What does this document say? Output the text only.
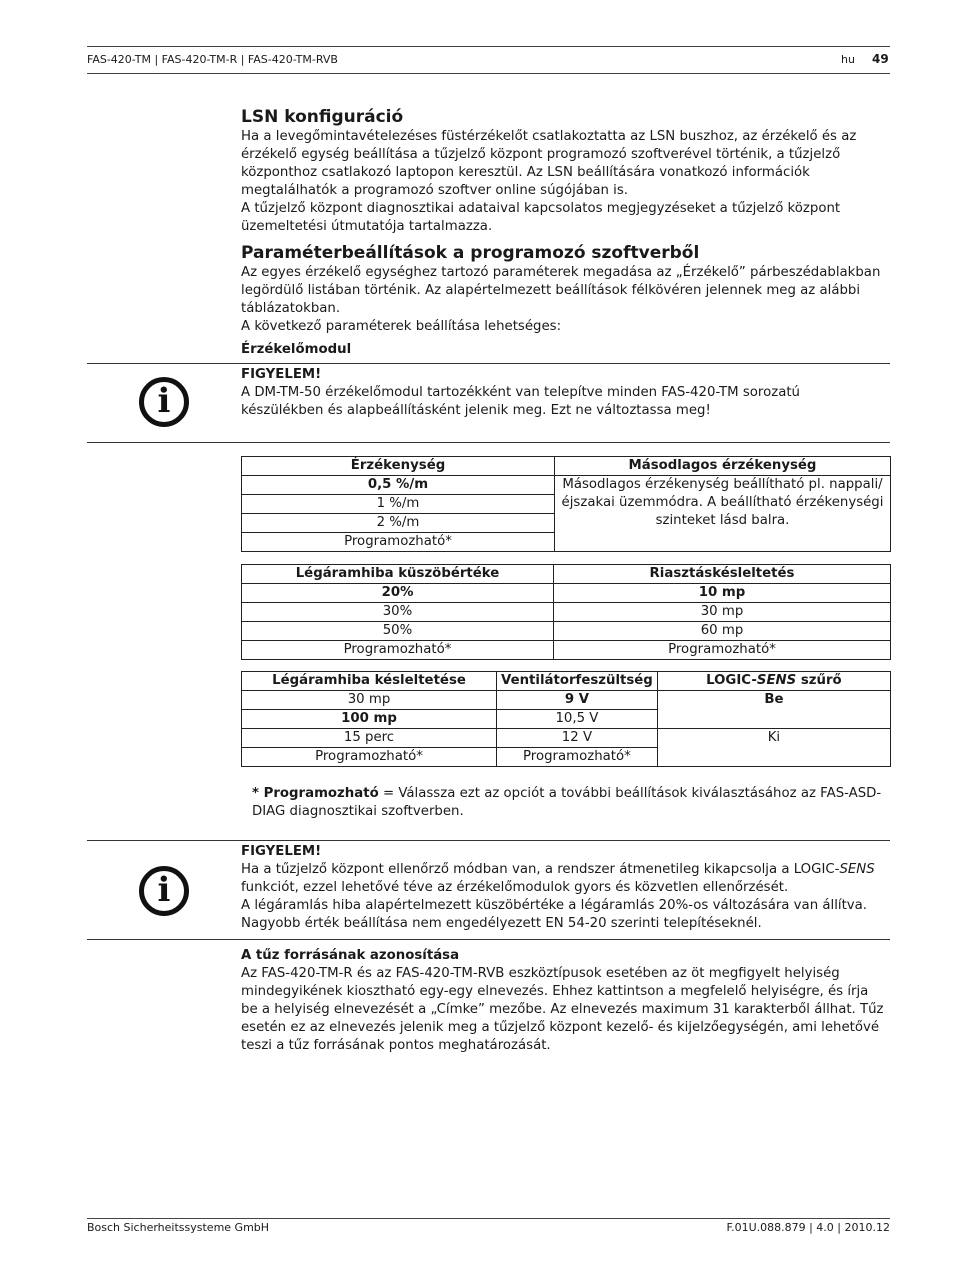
FAS-420-TM | FAS-420-TM-R | FAS-420-TM-RVB	hu 49
LSN konfiguráció

Ha a levegőmintavételezéses füstérzékelőt csatlakoztatta az LSN buszhoz, az érzékelő és az

érzékelő egység beállítása a tűzjelző központ programozó szoftverével történik, a tűzjelző

központhoz csatlakozó laptopon keresztül. Az LSN beállítására vonatkozó információk

megtalálhatók a programozó szoftver online súgójában is.

A tűzjelző központ diagnosztikai adataival kapcsolatos megjegyzéseket a tűzjelző központ

üzemeltetési útmutatója tartalmazza.

Paraméterbeállítások a programozó szoftverből

Az egyes érzékelő egységhez tartozó paraméterek megadása az „Érzékelő” párbeszédablakban

legördülő listában történik. Az alapértelmezett beállítások félkövéren jelennek meg az alábbi

táblázatokban.

A következő paraméterek beállítása lehetséges:

Érzékelőmodul

i

FIGYELEM!

A DM-TM-50 érzékelőmodul tartozékként van telepítve minden FAS-420-TM sorozatú

készülékben és alapbeállításként jelenik meg. Ezt ne változtassa meg!

Érzékenység	Másodlagos érzékenység
0,5 %/m	Másodlagos érzékenység beállítható pl. nappali/
éjszakai üzemmódra. A beállítható érzékenységi
szinteket lásd balra.

1 %/m	
2 %/m	
Programozható*	
Légáramhiba küszöbértéke	Riasztáskésleltetés
20%	10 mp
30%	30 mp
50%	60 mp
Programozható*	Programozható*
Légáramhiba késleltetése	Ventilátorfeszültség	LOGIC-SENS szűrő
30 mp	9 V	Be
100 mp	10,5 V	
15 perc	12 V	Ki
Programozható*	Programozható*	

* Programozható = Válassza ezt az opciót a további beállítások kiválasztásához az FAS-ASD-

DIAG diagnosztikai szoftverben.

i

FIGYELEM!

Ha a tűzjelző központ ellenőrző módban van, a rendszer átmenetileg kikapcsolja a LOGIC-SENS

funkciót, ezzel lehetővé téve az érzékelőmodulok gyors és közvetlen ellenőrzését.

A légáramlás hiba alapértelmezett küszöbértéke a légáramlás 20%-os változására van állítva.

Nagyobb érték beállítása nem engedélyezett EN 54-20 szerinti telepítéseknél.

A tűz forrásának azonosítása

Az FAS-420-TM-R és az FAS-420-TM-RVB eszköztípusok esetében az öt megfigyelt helyiség

mindegyikének kiosztható egy-egy elnevezés. Ehhez kattintson a megfelelő helyiségre, és írja

be a helyiség elnevezését a „Címke” mezőbe. Az elnevezés maximum 31 karakterből állhat. Tűz

esetén ez az elnevezés jelenik meg a tűzjelző központ kezelő- és kijelzőegységén, ami lehetővé

teszi a tűz forrásának pontos meghatározását.

Bosch Sicherheitssysteme GmbH	F.01U.088.879 | 4.0 | 2010.12
